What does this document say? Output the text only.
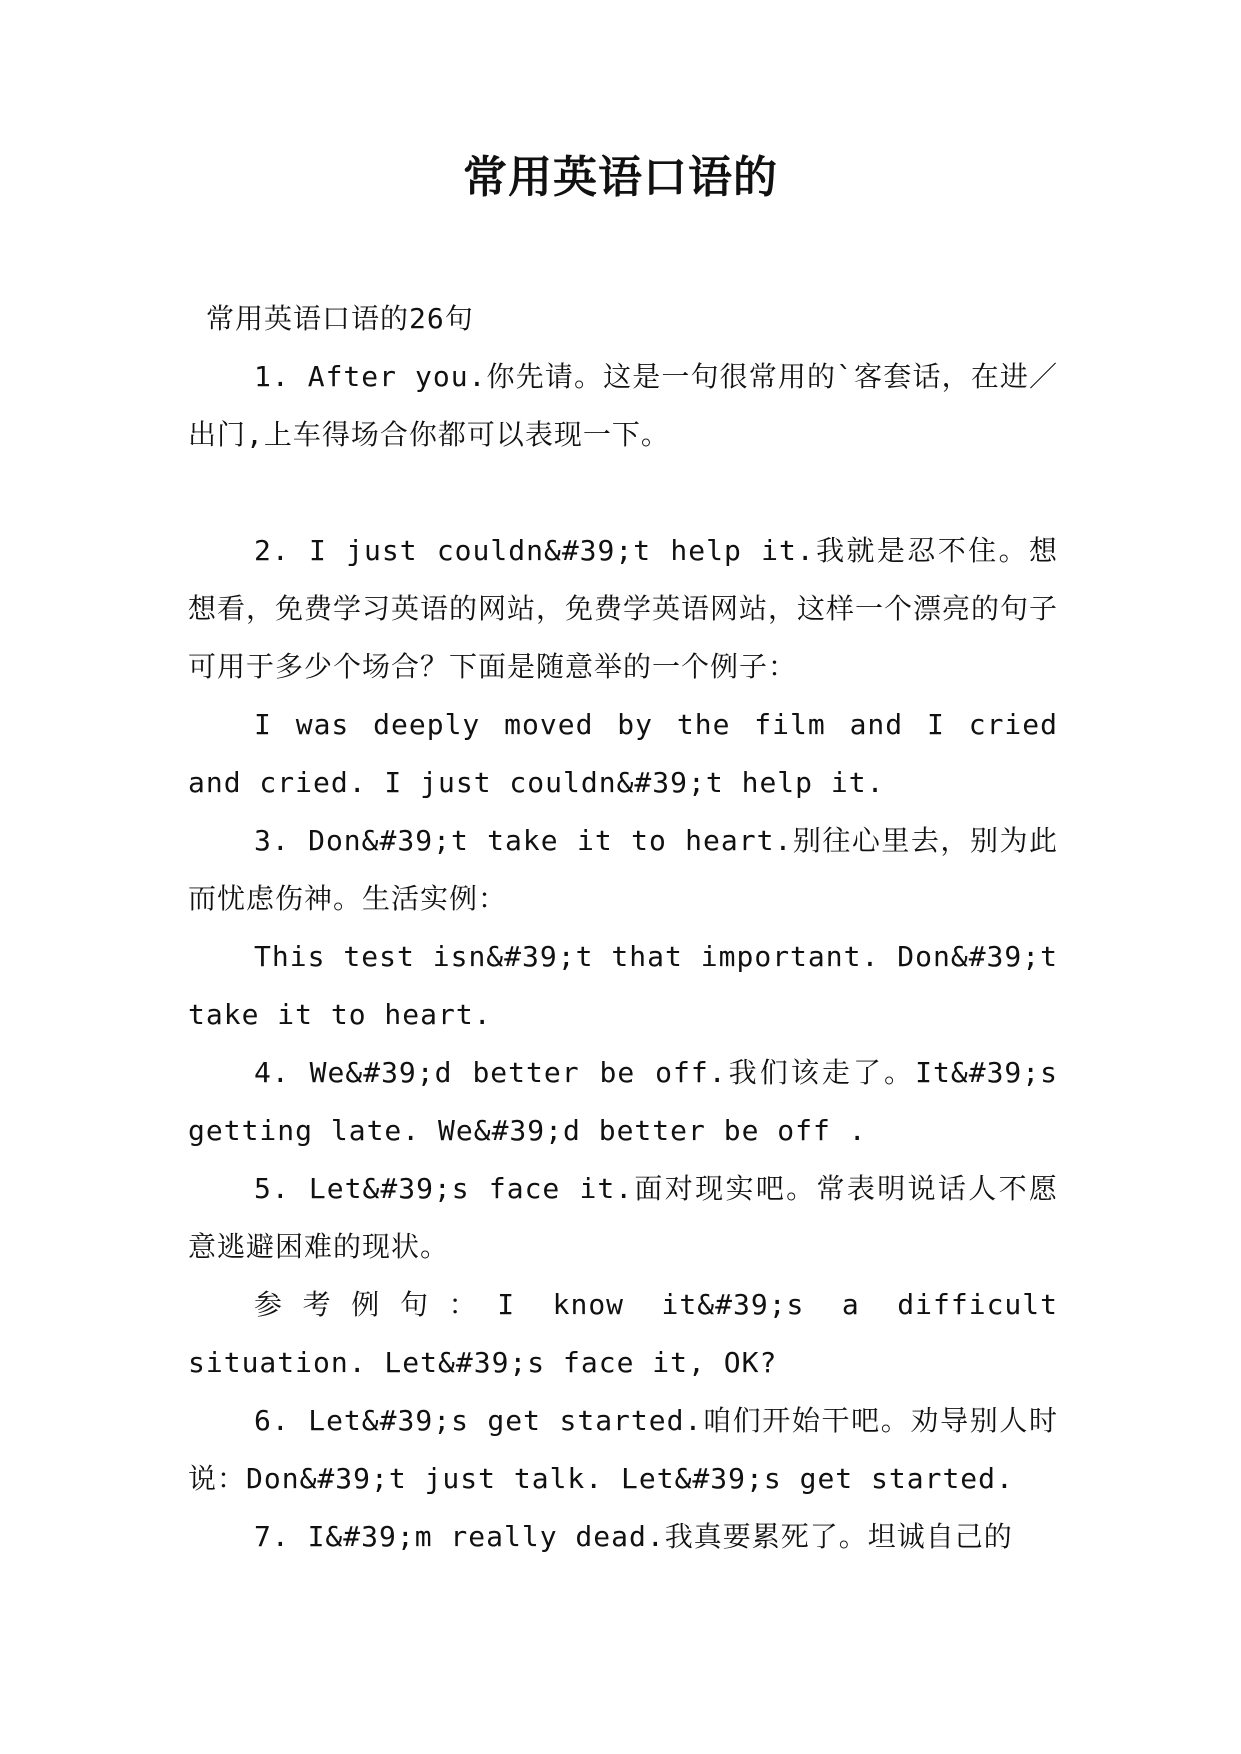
常用英语口语的

常用英语口语的26句

1. After you.你先请。这是一句很常用的`客套话，在进／出门,上车得场合你都可以表现一下。

2. I just couldn&#39;t help it.我就是忍不住。想想看，免费学习英语的网站，免费学英语网站，这样一个漂亮的句子可用于多少个场合？下面是随意举的一个例子：

I was deeply moved by the film and I cried and cried. I just couldn&#39;t help it.

3. Don&#39;t take it to heart.别往心里去，别为此而忧虑伤神。生活实例：

This test isn&#39;t that important. Don&#39;t take it to heart.

4. We&#39;d better be off.我们该走了。It&#39;s getting late. We&#39;d better be off .

5. Let&#39;s face it.面对现实吧。常表明说话人不愿意逃避困难的现状。

参考例句：I know it&#39;s a difficult situation. Let&#39;s face it, OK?

6. Let&#39;s get started.咱们开始干吧。劝导别人时说：Don&#39;t just talk. Let&#39;s get started.

7. I&#39;m really dead.我真要累死了。坦诚自己的
